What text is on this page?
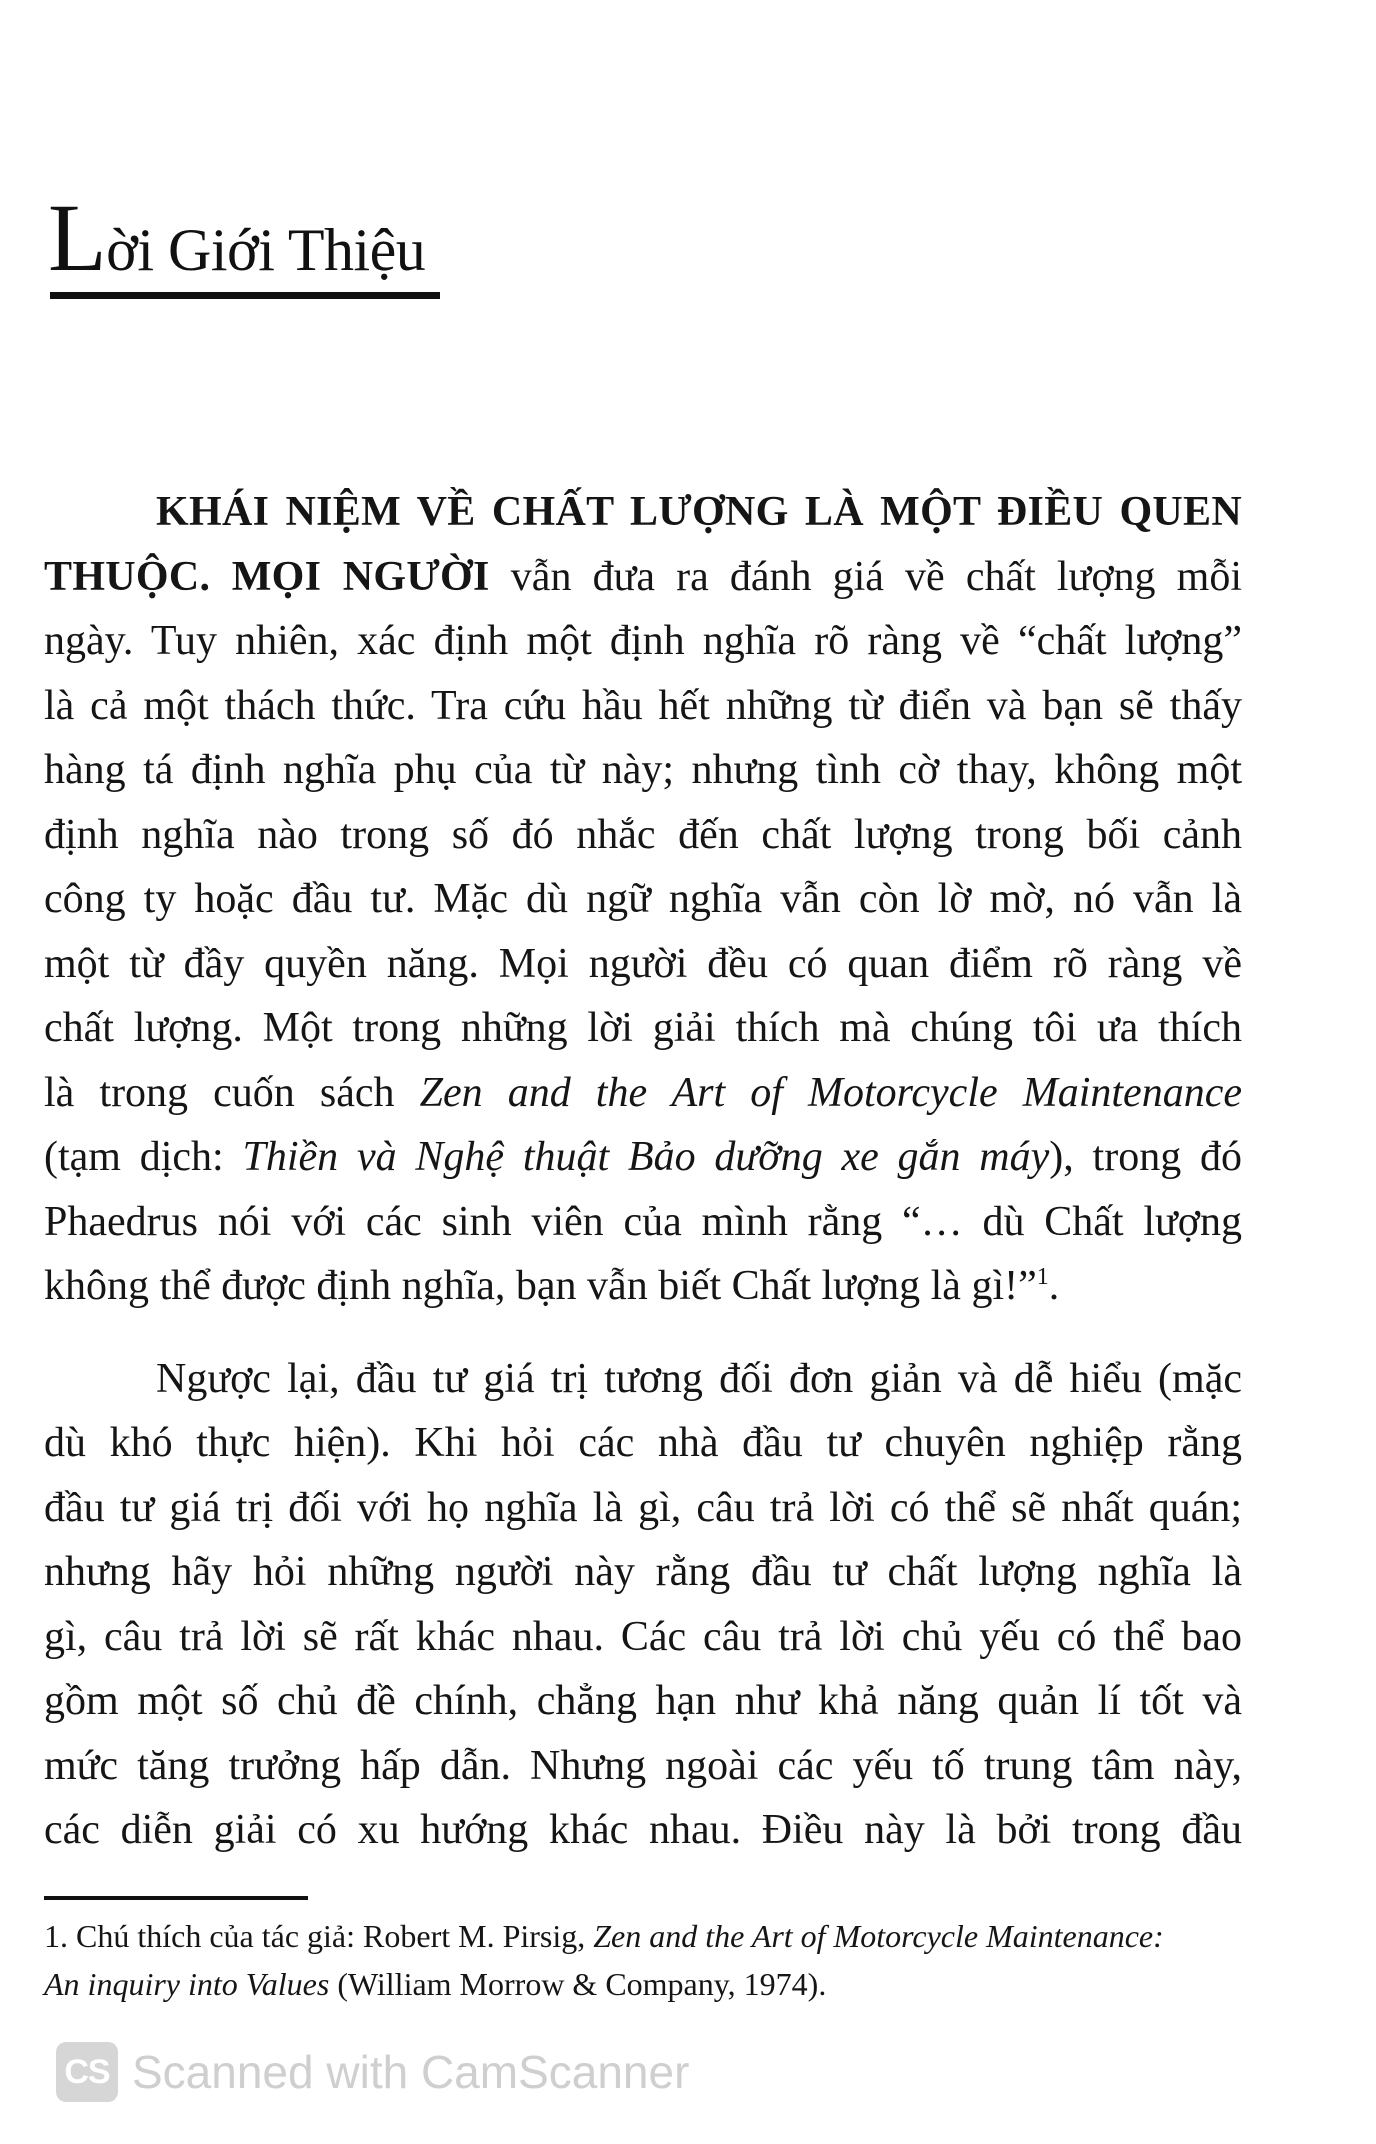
Lời Giới Thiệu

KHÁI NIỆM VỀ CHẤT LƯỢNG LÀ MỘT ĐIỀU QUEN
THUỘC. MỌI NGƯỜI vẫn đưa ra đánh giá về chất lượng mỗi
ngày. Tuy nhiên, xác định một định nghĩa rõ ràng về “chất lượng”
là cả một thách thức. Tra cứu hầu hết những từ điển và bạn sẽ thấy
hàng tá định nghĩa phụ của từ này; nhưng tình cờ thay, không một
định nghĩa nào trong số đó nhắc đến chất lượng trong bối cảnh
công ty hoặc đầu tư. Mặc dù ngữ nghĩa vẫn còn lờ mờ, nó vẫn là
một từ đầy quyền năng. Mọi người đều có quan điểm rõ ràng về
chất lượng. Một trong những lời giải thích mà chúng tôi ưa thích
là trong cuốn sách Zen and the Art of Motorcycle Maintenance
(tạm dịch: Thiền và Nghệ thuật Bảo dưỡng xe gắn máy), trong đó
Phaedrus nói với các sinh viên của mình rằng “… dù Chất lượng
không thể được định nghĩa, bạn vẫn biết Chất lượng là gì!”$^1$.

Ngược lại, đầu tư giá trị tương đối đơn giản và dễ hiểu (mặc
dù khó thực hiện). Khi hỏi các nhà đầu tư chuyên nghiệp rằng
đầu tư giá trị đối với họ nghĩa là gì, câu trả lời có thể sẽ nhất quán;
nhưng hãy hỏi những người này rằng đầu tư chất lượng nghĩa là
gì, câu trả lời sẽ rất khác nhau. Các câu trả lời chủ yếu có thể bao
gồm một số chủ đề chính, chẳng hạn như khả năng quản lí tốt và
mức tăng trưởng hấp dẫn. Nhưng ngoài các yếu tố trung tâm này,
các diễn giải có xu hướng khác nhau. Điều này là bởi trong đầu

1. Chú thích của tác giả: Robert M. Pirsig, Zen and the Art of Motorcycle Maintenance:
An inquiry into Values (William Morrow & Company, 1974).

CS Scanned with CamScanner
